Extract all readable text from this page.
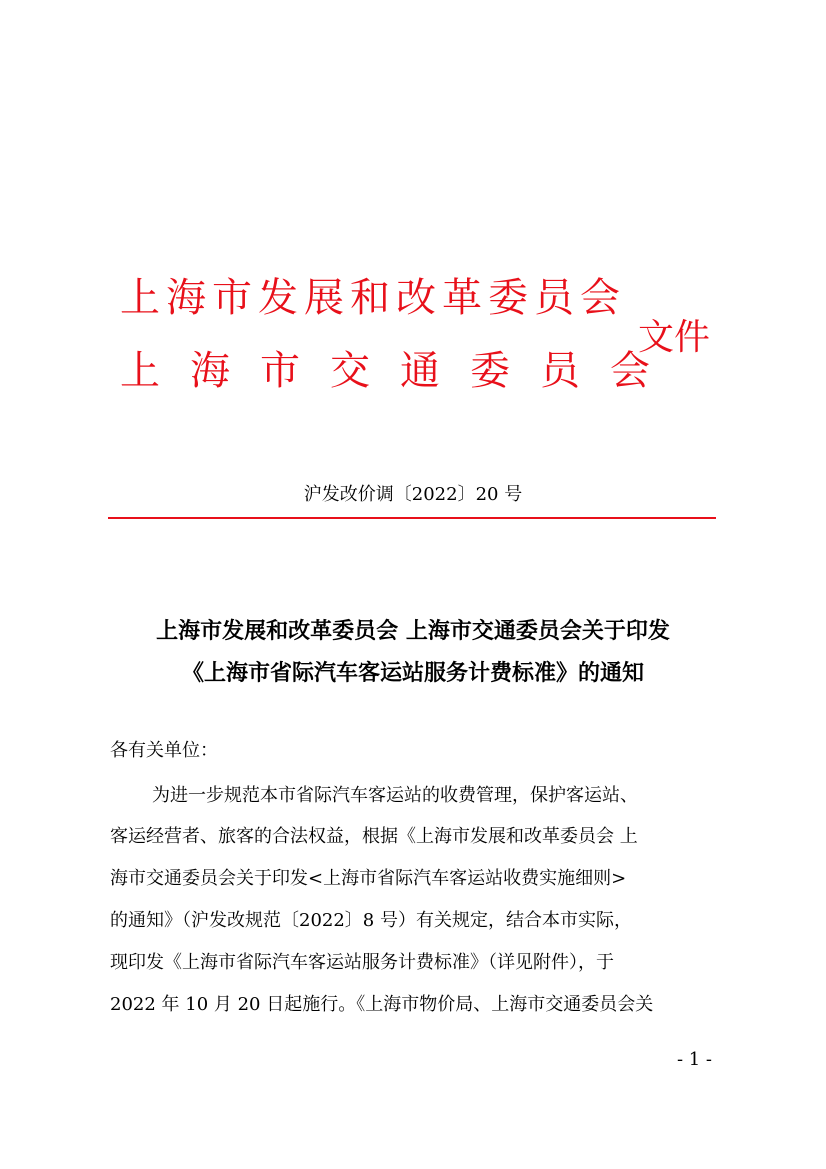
上海市发展和改革委员会
上海市交通委员会
文件
沪发改价调〔2022〕20 号
上海市发展和改革委员会 上海市交通委员会关于印发
《上海市省际汽车客运站服务计费标准》的通知
各有关单位：
为进一步规范本市省际汽车客运站的收费管理，保护客运站、
客运经营者、旅客的合法权益，根据《上海市发展和改革委员会 上
海市交通委员会关于印发<上海市省际汽车客运站收费实施细则>
的通知》（沪发改规范〔2022〕8 号）有关规定，结合本市实际，
现印发《上海市省际汽车客运站服务计费标准》（详见附件），于
2022 年 10 月 20 日起施行。《上海市物价局、上海市交通委员会关
- 1 -
